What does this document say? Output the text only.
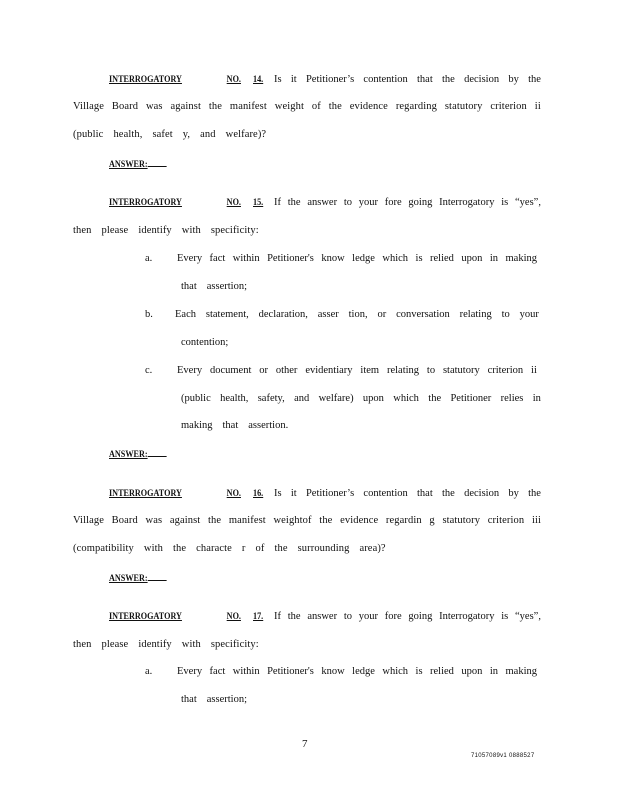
INTERROGATORY	NO. 14. Is it Petitioner’s contention that the decision by the
Village Board was against the manifest weight of the evidence regarding statutory criterion ii
(public health, safet y, and welfare)?
ANSWER:
INTERROGATORY	NO. 15. If the answer to your fore going Interrogatory is “yes”,
then please identify with specificity:
a. Every fact within Petitioner's know ledge which is relied upon in making
that assertion;
b. Each statement, declaration, asser tion, or conversation relating to your
contention;
c. Every document or other evidentiary item relating to statutory criterion ii
(public health, safety, and welfare) upon which the Petitioner relies in
making that assertion.
ANSWER:
INTERROGATORY	NO. 16. Is it Petitioner’s contention that the decision by the
Village Board was against the manifest weightof the evidence regardin g statutory criterion iii
(compatibility with the characte r of the surrounding area)?
ANSWER:
INTERROGATORY	NO. 17. If the answer to your fore going Interrogatory is “yes”,
then please identify with specificity:
a. Every fact within Petitioner's know ledge which is relied upon in making
that assertion;
7
71057089v1 0888527
